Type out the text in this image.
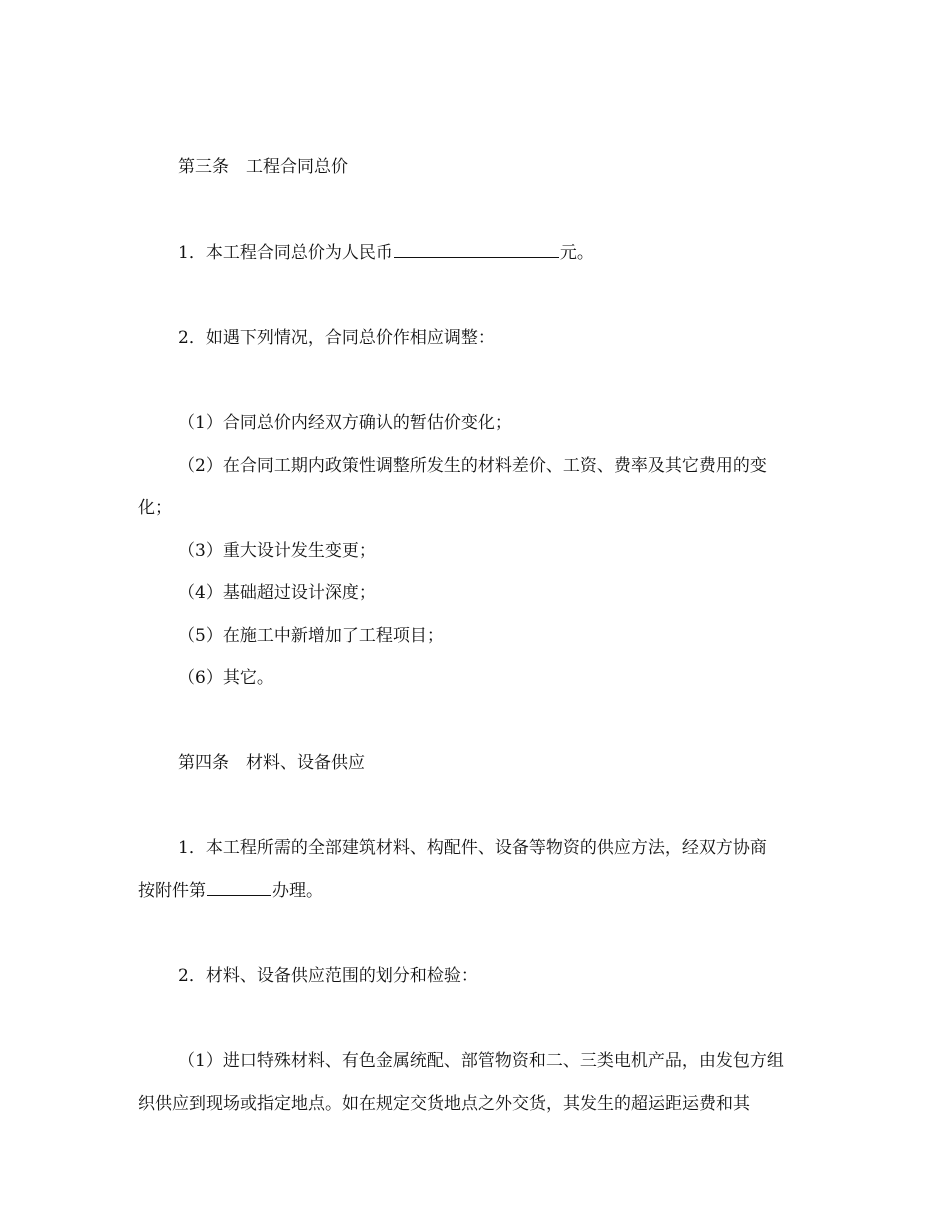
第三条　工程合同总价
1．本工程合同总价为人民币	元。
2．如遇下列情况，合同总价作相应调整：
（1）合同总价内经双方确认的暂估价变化；
（2）在合同工期内政策性调整所发生的材料差价、工资、费率及其它费用的变
化；
（3）重大设计发生变更；
（4）基础超过设计深度；
（5）在施工中新增加了工程项目；
（6）其它。
第四条　材料、设备供应
1．本工程所需的全部建筑材料、构配件、设备等物资的供应方法，经双方协商
按附件第	办理。
2．材料、设备供应范围的划分和检验：
（1）进口特殊材料、有色金属统配、部管物资和二、三类电机产品，由发包方组
织供应到现场或指定地点。如在规定交货地点之外交货，其发生的超运距运费和其
